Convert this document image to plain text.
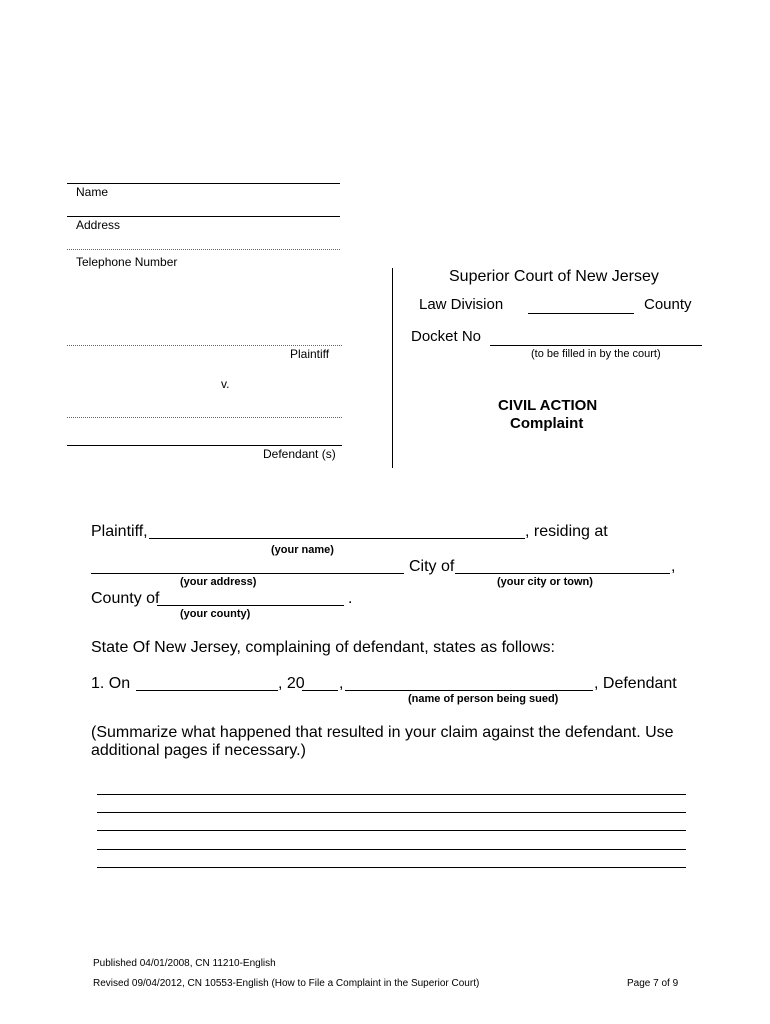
Name
Address
Telephone Number
Plaintiff
v.
Defendant (s)
Superior Court of New Jersey
Law Division	County
Docket No
(to be filled in by the court)
CIVIL ACTION
Complaint
Plaintiff,	, residing at
(your name)
City of	,
(your address)	(your city or town)
County of	.
(your county)
State Of New Jersey, complaining of defendant, states as follows:
1. On	, 20 ,	, Defendant
(name of person being sued)
(Summarize what happened that resulted in your claim against the defendant. Use
additional pages if necessary.)
Published 04/01/2008, CN 11210-English
Revised 09/04/2012, CN 10553-English (How to File a Complaint in the Superior Court)	Page 7 of 9
